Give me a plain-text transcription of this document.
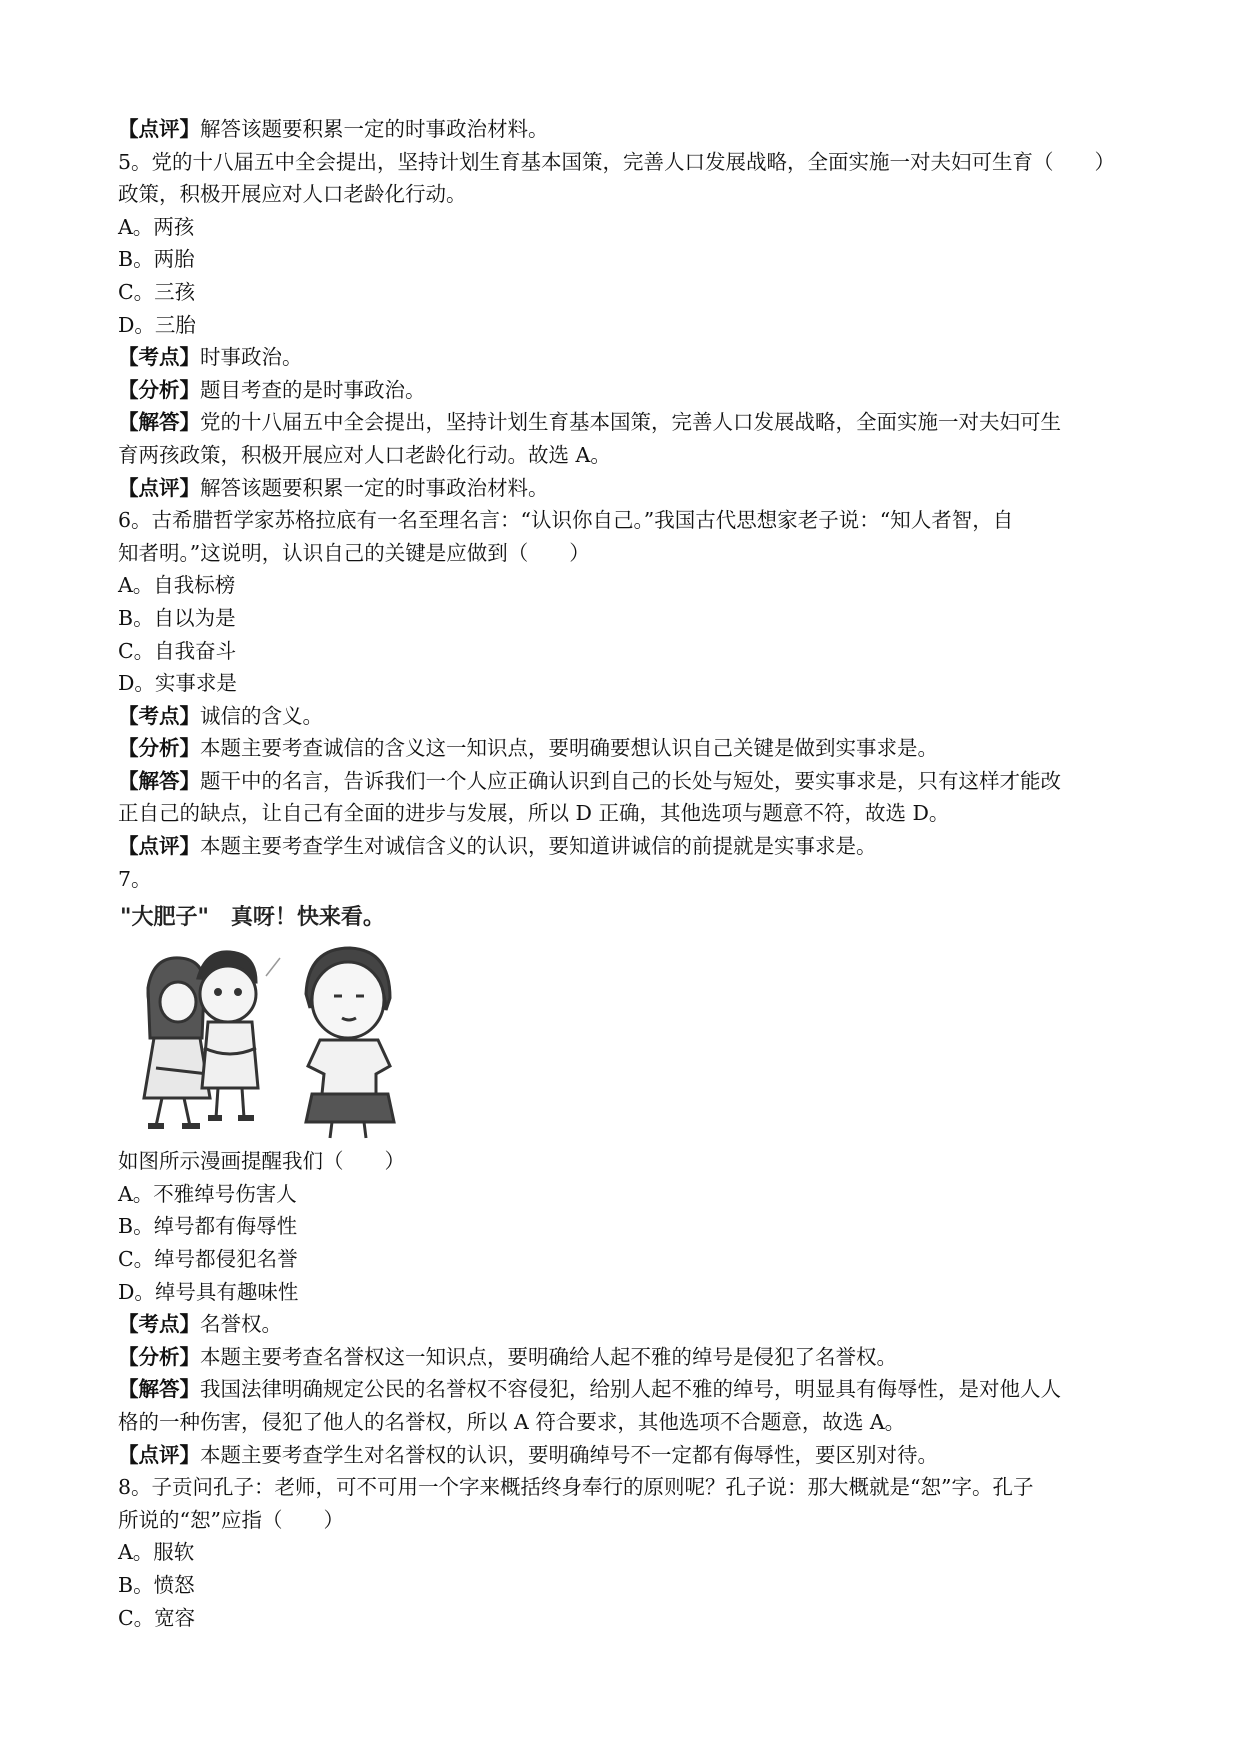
【点评】解答该题要积累一定的时事政治材料。

5。党的十八届五中全会提出，坚持计划生育基本国策，完善人口发展战略，全面实施一对夫妇可生育（　　）

政策，积极开展应对人口老龄化行动。

A。两孩

B。两胎

C。三孩

D。三胎

【考点】时事政治。

【分析】题目考查的是时事政治。

【解答】党的十八届五中全会提出，坚持计划生育基本国策，完善人口发展战略，全面实施一对夫妇可生

育两孩政策，积极开展应对人口老龄化行动。故选 A。

【点评】解答该题要积累一定的时事政治材料。

6。古希腊哲学家苏格拉底有一名至理名言：“认识你自己。”我国古代思想家老子说：“知人者智，自

知者明。”这说明，认识自己的关键是应做到（　　）

A。自我标榜

B。自以为是

C。自我奋斗

D。实事求是

【考点】诚信的含义。

【分析】本题主要考查诚信的含义这一知识点，要明确要想认识自己关键是做到实事求是。

【解答】题干中的名言，告诉我们一个人应正确认识到自己的长处与短处，要实事求是，只有这样才能改

正自己的缺点，让自己有全面的进步与发展，所以 D 正确，其他选项与题意不符，故选 D。

【点评】本题主要考查学生对诚信含义的认识，要知道讲诚信的前提就是实事求是。

7。

"大肥子"　真呀！快来看。

如图所示漫画提醒我们（　　）

A。不雅绰号伤害人

B。绰号都有侮辱性

C。绰号都侵犯名誉

D。绰号具有趣味性

【考点】名誉权。

【分析】本题主要考查名誉权这一知识点，要明确给人起不雅的绰号是侵犯了名誉权。

【解答】我国法律明确规定公民的名誉权不容侵犯，给别人起不雅的绰号，明显具有侮辱性，是对他人人

格的一种伤害，侵犯了他人的名誉权，所以 A 符合要求，其他选项不合题意，故选 A。

【点评】本题主要考查学生对名誉权的认识，要明确绰号不一定都有侮辱性，要区别对待。

8。子贡问孔子：老师，可不可用一个字来概括终身奉行的原则呢？孔子说：那大概就是“恕”字。孔子

所说的“恕”应指（　　）

A。服软

B。愤怒

C。宽容
